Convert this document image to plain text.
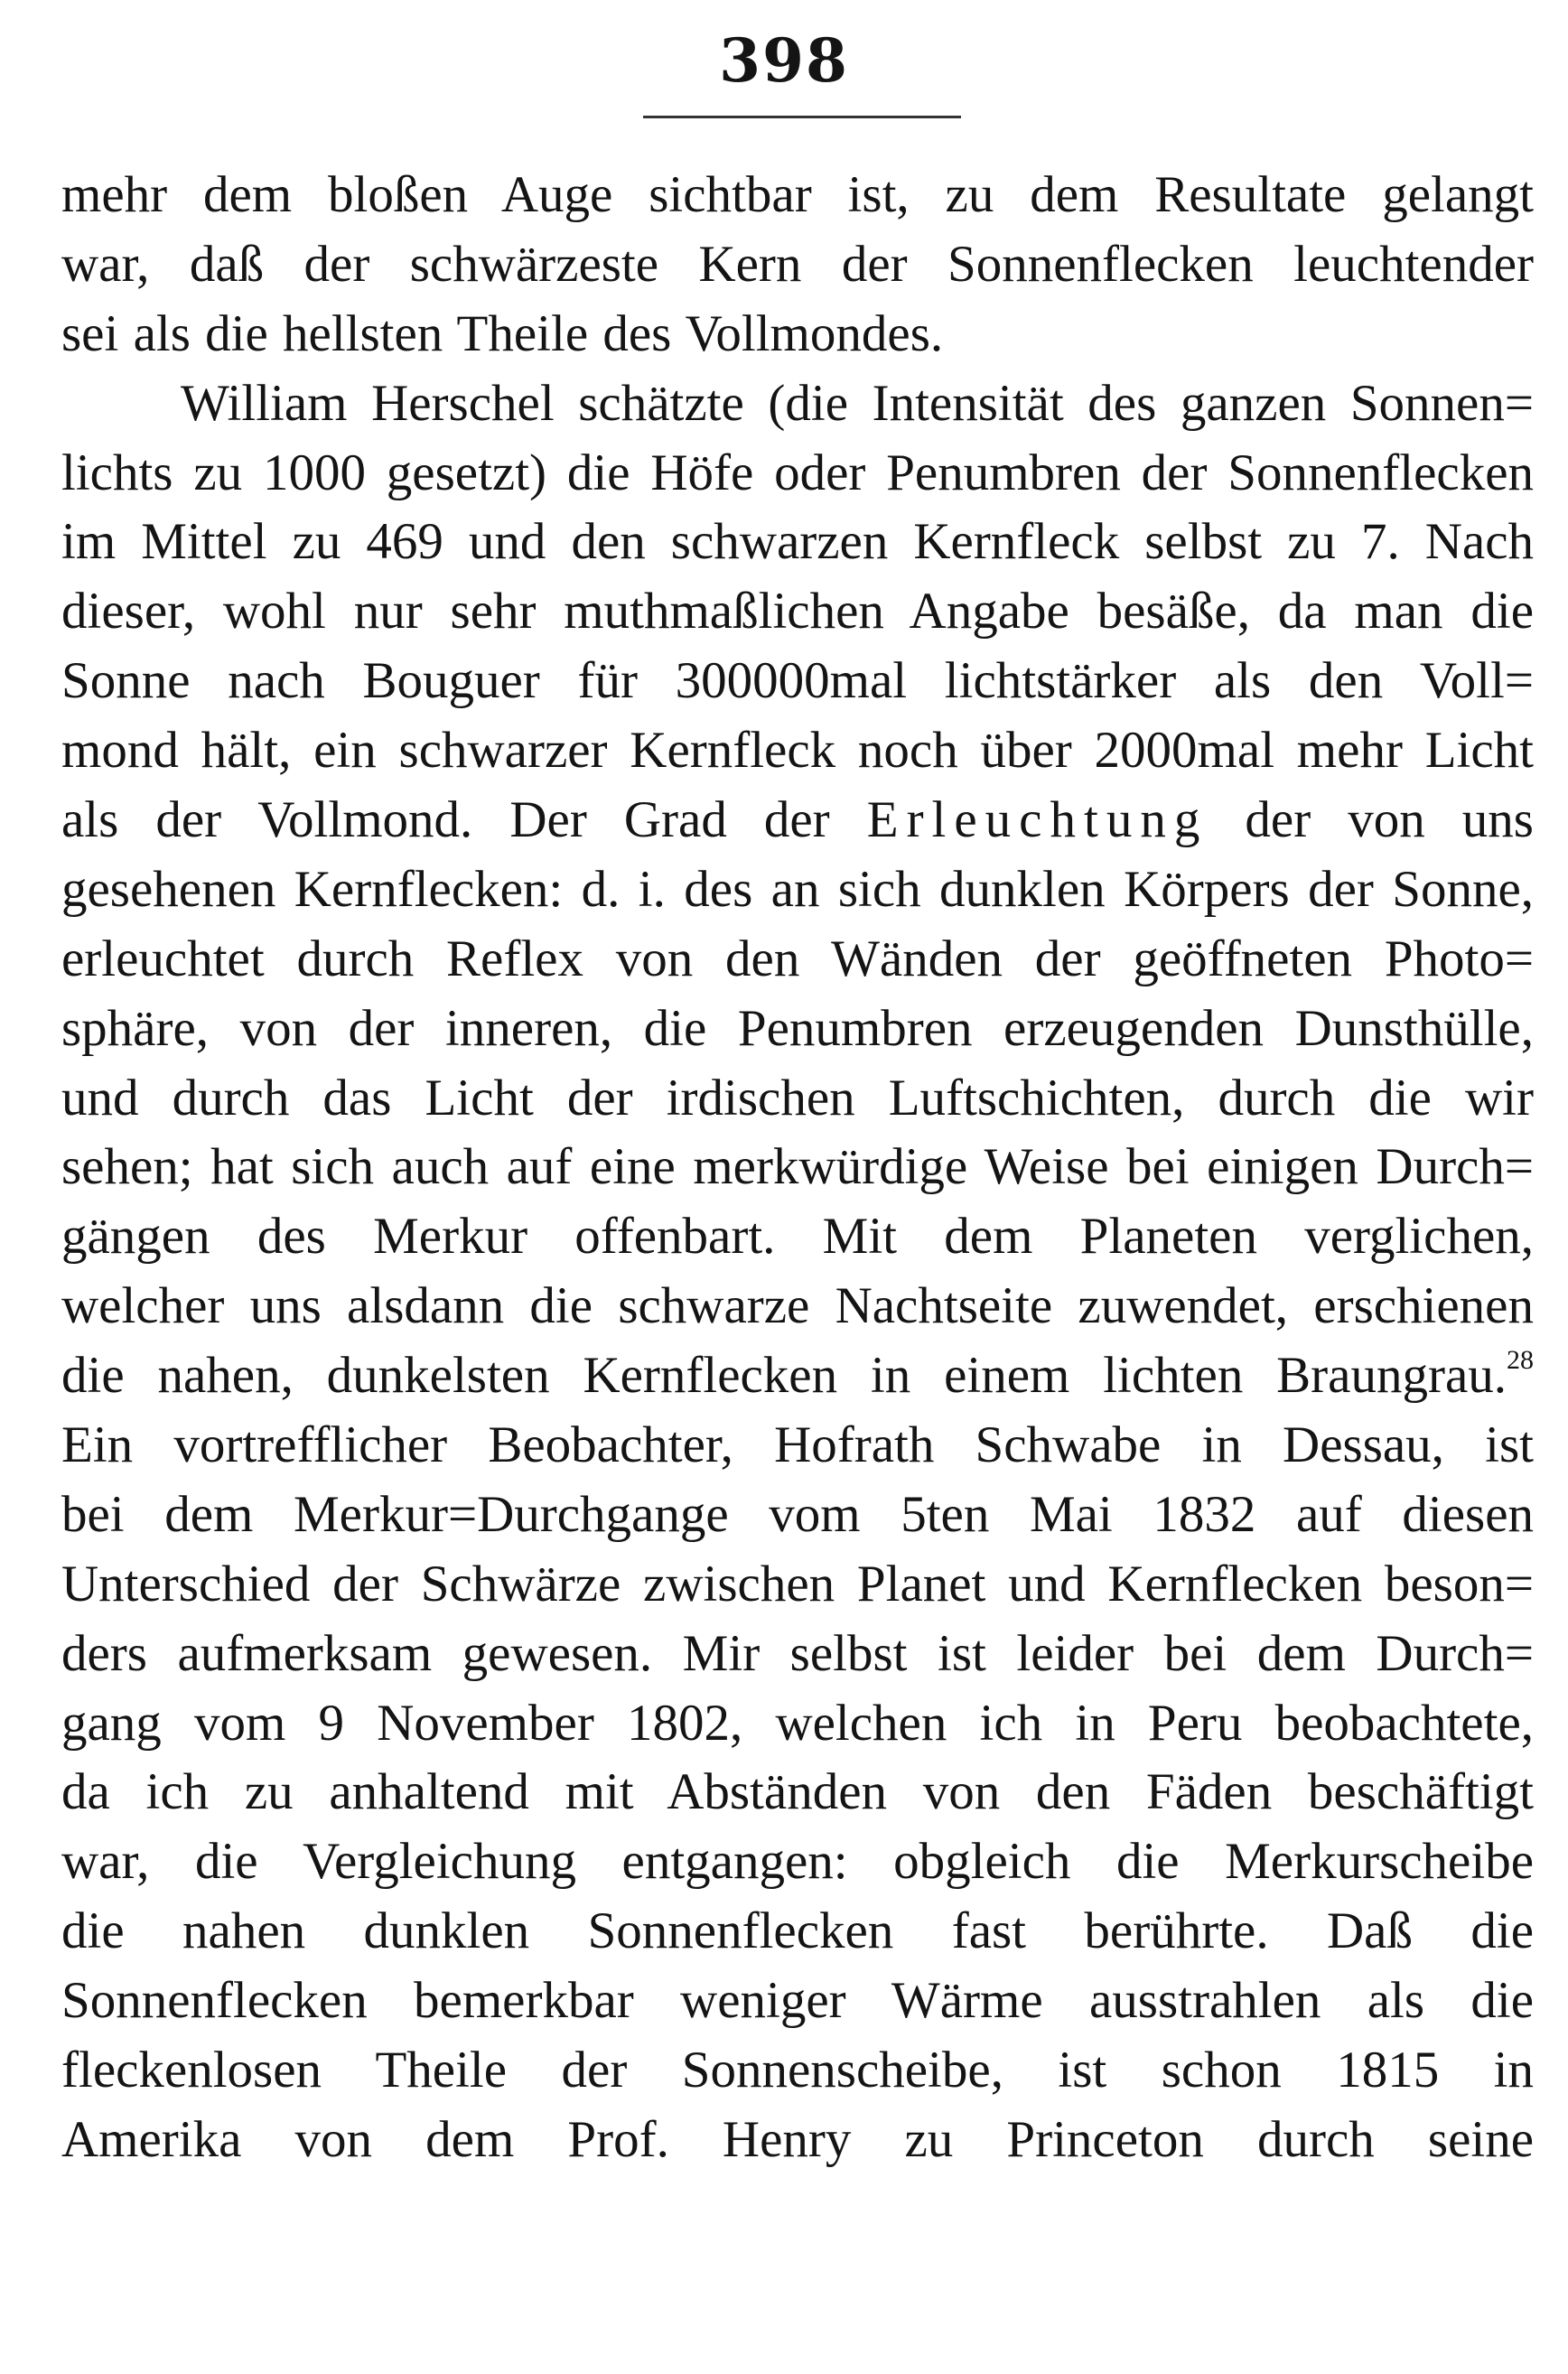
398
mehr dem bloßen Auge sichtbar ist, zu dem Resultate gelangt
war, daß der schwärzeste Kern der Sonnenflecken leuchtender
sei als die hellsten Theile des Vollmondes.
William Herschel schätzte (die Intensität des ganzen Sonnen=
lichts zu 1000 gesetzt) die Höfe oder Penumbren der Sonnenflecken
im Mittel zu 469 und den schwarzen Kernfleck selbst zu 7. Nach
dieser, wohl nur sehr muthmaßlichen Angabe besäße, da man die
Sonne nach Bouguer für 300000mal lichtstärker als den Voll=
mond hält, ein schwarzer Kernfleck noch über 2000mal mehr Licht
als der Vollmond. Der Grad der Erleuchtung der von uns
gesehenen Kernflecken: d. i. des an sich dunklen Körpers der Sonne,
erleuchtet durch Reflex von den Wänden der geöffneten Photo=
sphäre, von der inneren, die Penumbren erzeugenden Dunsthülle,
und durch das Licht der irdischen Luftschichten, durch die wir
sehen; hat sich auch auf eine merkwürdige Weise bei einigen Durch=
gängen des Merkur offenbart. Mit dem Planeten verglichen,
welcher uns alsdann die schwarze Nachtseite zuwendet, erschienen
die nahen, dunkelsten Kernflecken in einem lichten Braungrau.$^{28}$
Ein vortrefflicher Beobachter, Hofrath Schwabe in Dessau, ist
bei dem Merkur=Durchgange vom 5ten Mai 1832 auf diesen
Unterschied der Schwärze zwischen Planet und Kernflecken beson=
ders aufmerksam gewesen. Mir selbst ist leider bei dem Durch=
gang vom 9 November 1802, welchen ich in Peru beobachtete,
da ich zu anhaltend mit Abständen von den Fäden beschäftigt
war, die Vergleichung entgangen: obgleich die Merkurscheibe
die nahen dunklen Sonnenflecken fast berührte. Daß die
Sonnenflecken bemerkbar weniger Wärme ausstrahlen als die
fleckenlosen Theile der Sonnenscheibe, ist schon 1815 in
Amerika von dem Prof. Henry zu Princeton durch seine
